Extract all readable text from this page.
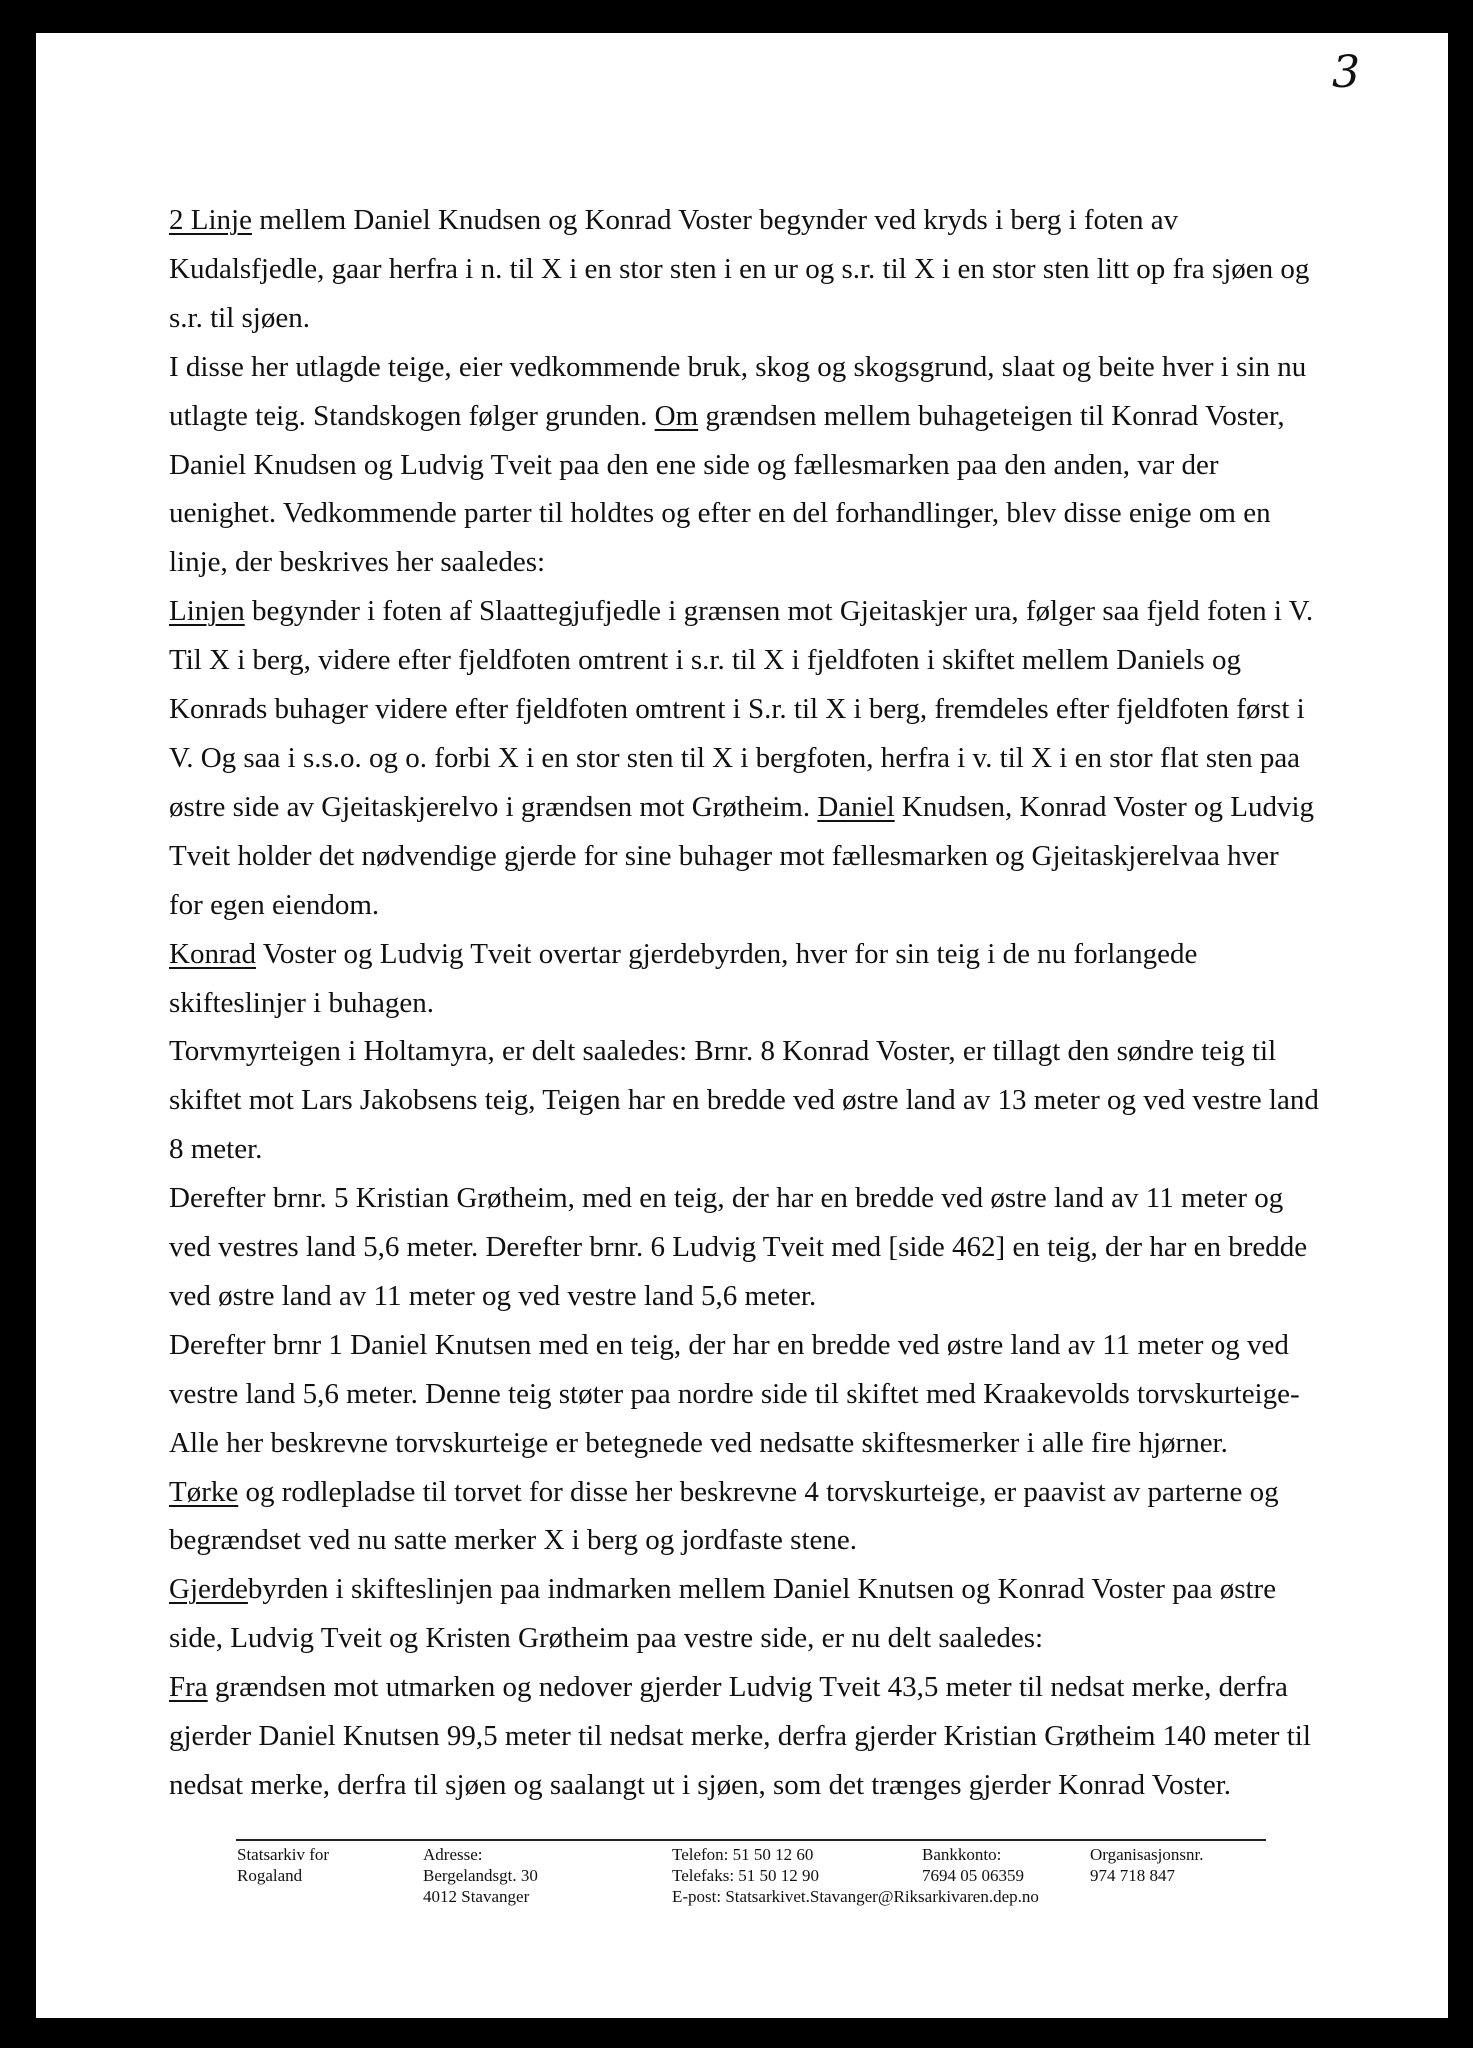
3

2 Linje mellem Daniel Knudsen og Konrad Voster begynder ved kryds i berg i foten av Kudalsfjedle, gaar herfra i n. til X i en stor sten i en ur og s.r. til X i en stor sten litt op fra sjøen og s.r. til sjøen.

I disse her utlagde teige, eier vedkommende bruk, skog og skogsgrund, slaat og beite hver i sin nu utlagte teig. Standskogen følger grunden. Om grændsen mellem buhageteigen til Konrad Voster, Daniel Knudsen og Ludvig Tveit paa den ene side og fællesmarken paa den anden, var der uenighet. Vedkommende parter til holdtes og efter en del forhandlinger, blev disse enige om en linje, der beskrives her saaledes:

Linjen begynder i foten af Slaattegjufjedle i grænsen mot Gjeitaskjer ura, følger saa fjeld foten i V. Til X i berg, videre efter fjeldfoten omtrent i s.r. til X i fjeldfoten i skiftet mellem Daniels og Konrads buhager videre efter fjeldfoten omtrent i S.r. til X i berg, fremdeles efter fjeldfoten først i V. Og saa i s.s.o. og o. forbi X i en stor sten til X i bergfoten, herfra i v. til X i en stor flat sten paa østre side av Gjeitaskjerelvo i grændsen mot Grøtheim. Daniel Knudsen, Konrad Voster og Ludvig Tveit holder det nødvendige gjerde for sine buhager mot fællesmarken og Gjeitaskjerelvaa hver for egen eiendom.

Konrad Voster og Ludvig Tveit overtar gjerdebyrden, hver for sin teig i de nu forlangede skifteslinjer i buhagen.

Torvmyrteigen i Holtamyra, er delt saaledes: Brnr. 8 Konrad Voster, er tillagt den søndre teig til skiftet mot Lars Jakobsens teig, Teigen har en bredde ved østre land av 13 meter og ved vestre land 8 meter.

Derefter brnr. 5 Kristian Grøtheim, med en teig, der har en bredde ved østre land av 11 meter og ved vestres land 5,6 meter. Derefter brnr. 6 Ludvig Tveit med [side 462] en teig, der har en bredde ved østre land av 11 meter og ved vestre land 5,6 meter.

Derefter brnr 1 Daniel Knutsen med en teig, der har en bredde ved østre land av 11 meter og ved vestre land 5,6 meter. Denne teig støter paa nordre side til skiftet med Kraakevolds torvskurteige- Alle her beskrevne torvskurteige er betegnede ved nedsatte skiftesmerker i alle fire hjørner.

Tørke og rodlepladse til torvet for disse her beskrevne 4 torvskurteige, er paavist av parterne og begrændset ved nu satte merker X i berg og jordfaste stene.

Gjerdebyrden i skifteslinjen paa indmarken mellem Daniel Knutsen og Konrad Voster paa østre side, Ludvig Tveit og Kristen Grøtheim paa vestre side, er nu delt saaledes:

Fra grændsen mot utmarken og nedover gjerder Ludvig Tveit 43,5 meter til nedsat merke, derfra gjerder Daniel Knutsen 99,5 meter til nedsat merke, derfra gjerder Kristian Grøtheim 140 meter til nedsat merke, derfra til sjøen og saalangt ut i sjøen, som det trænges gjerder Konrad Voster.

Statsarkiv for
Rogaland
Adresse:
Bergelandsgt. 30
4012 Stavanger
Telefon: 51 50 12 60
Telefaks: 51 50 12 90
E-post: Statsarkivet.Stavanger@Riksarkivaren.dep.no
Bankkonto:
7694 05 06359
Organisasjonsnr.
974 718 847
